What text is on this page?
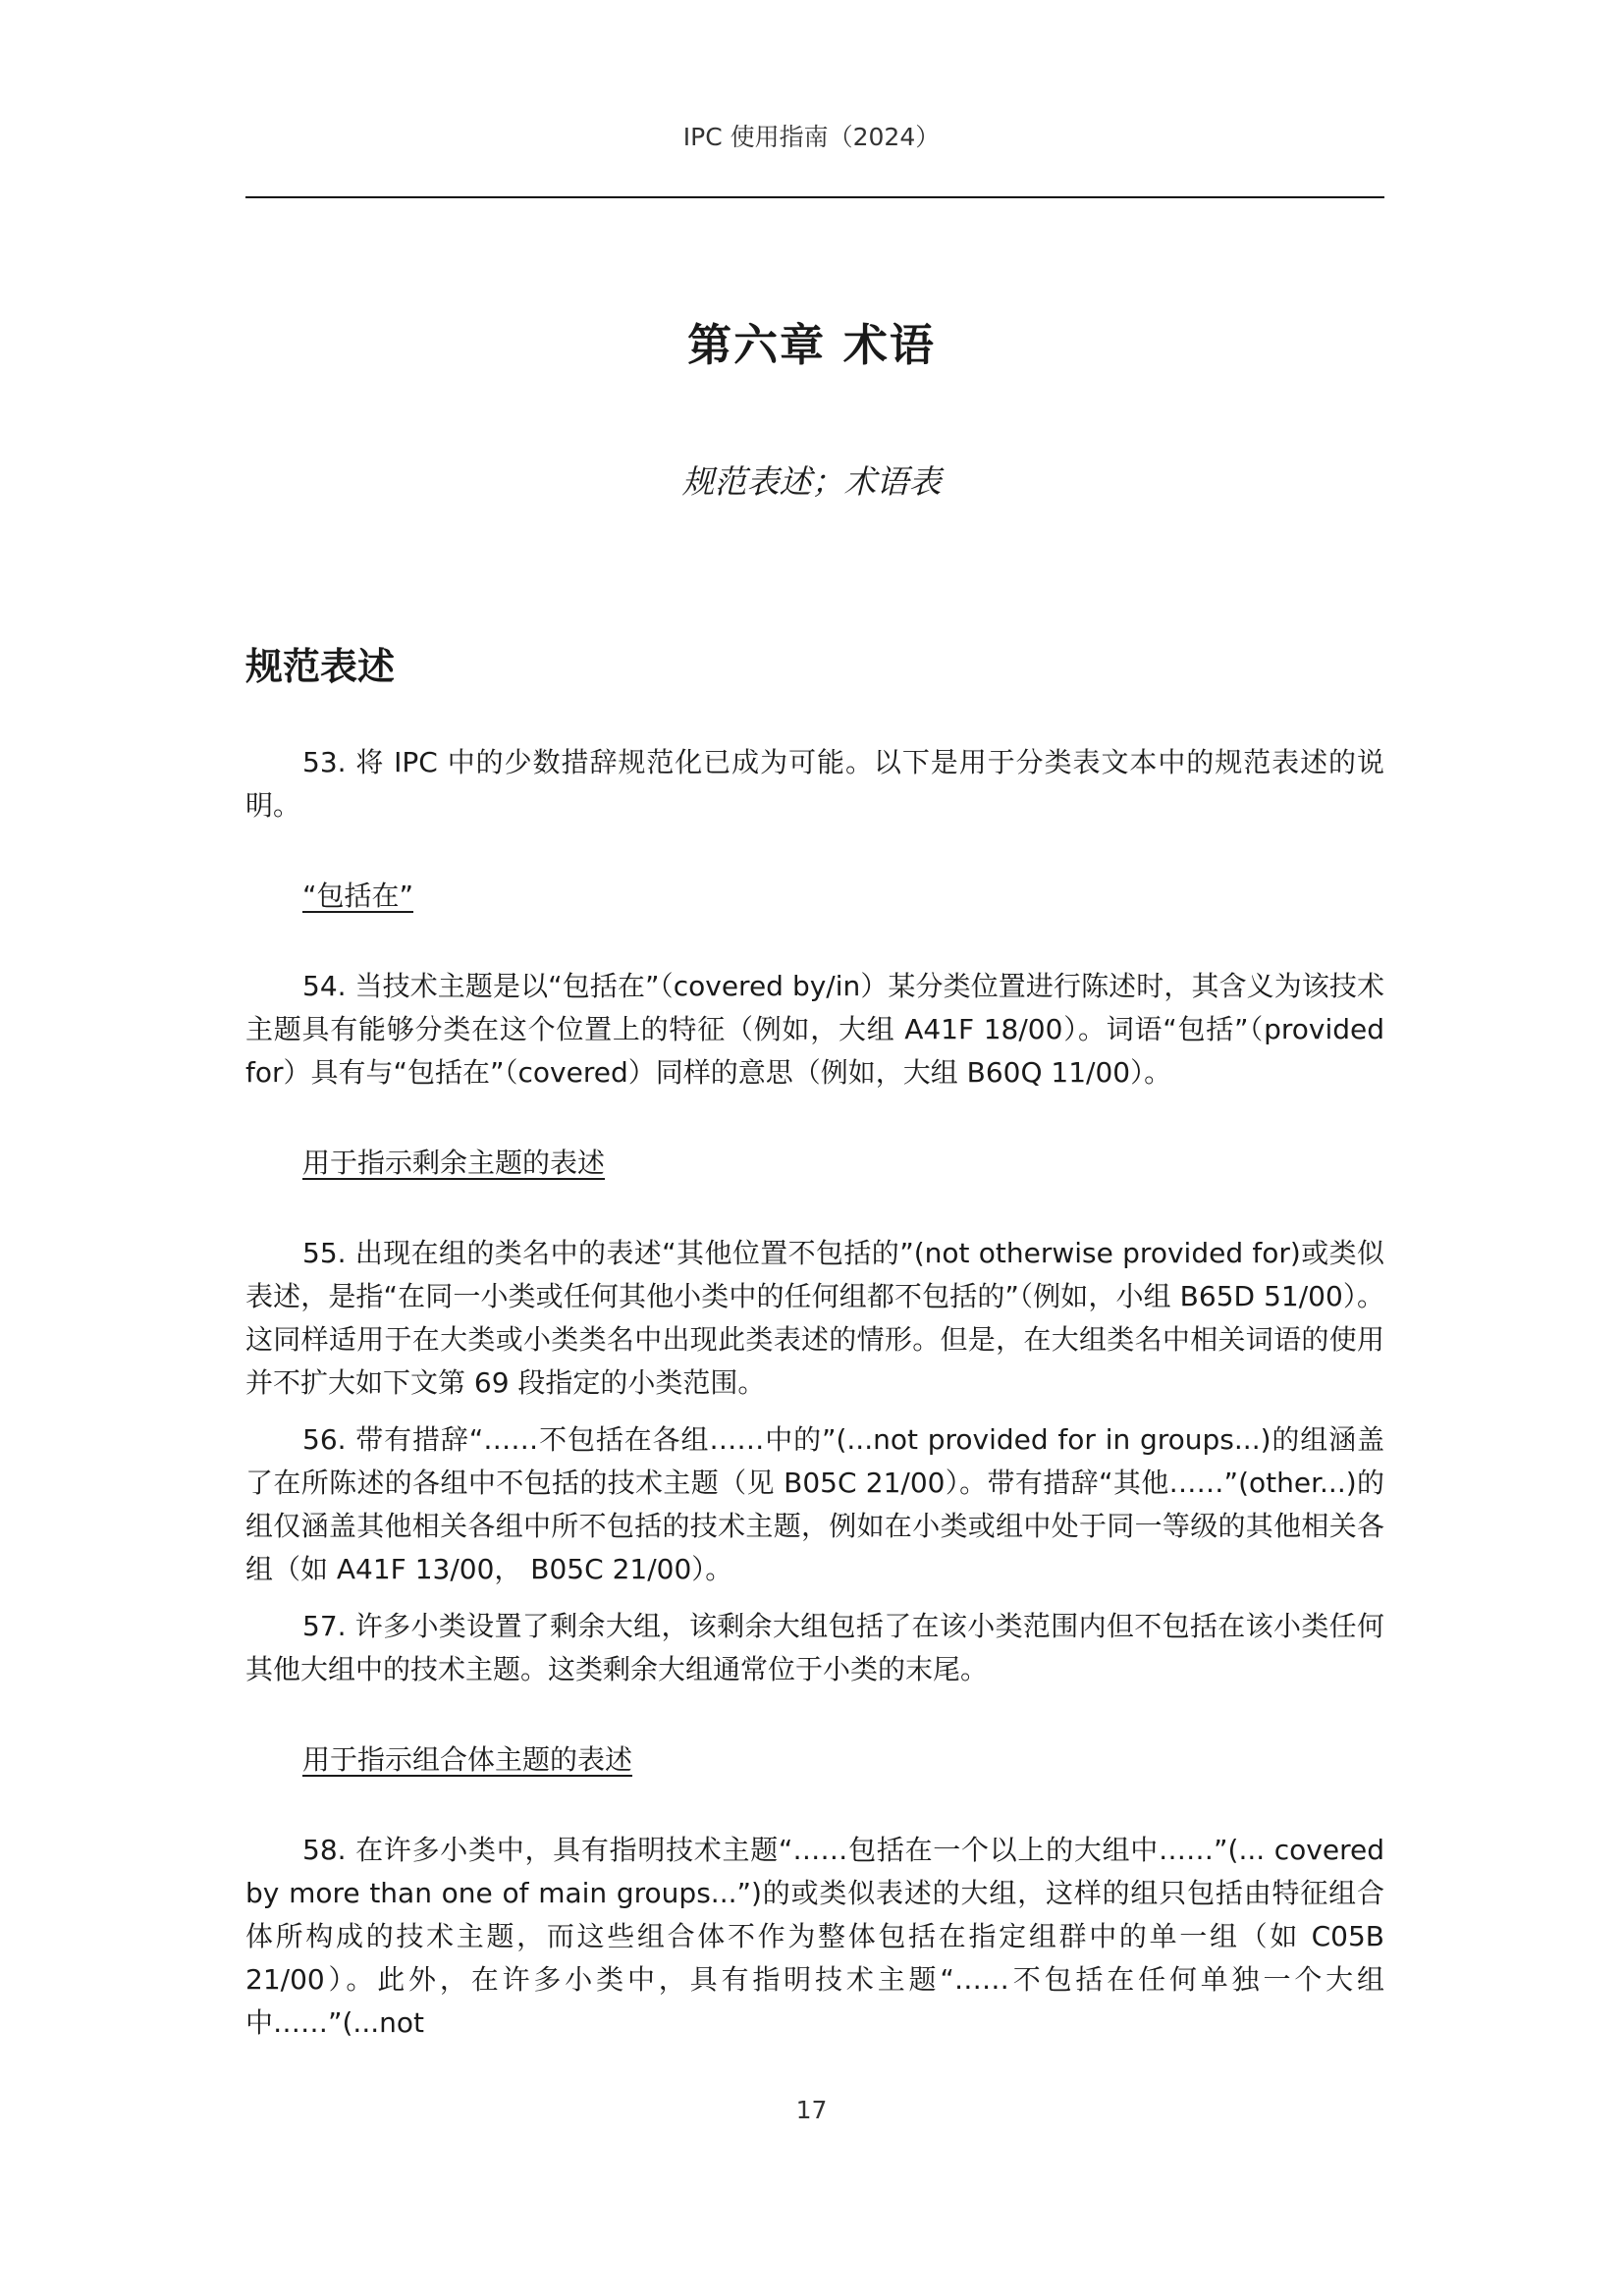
IPC 使用指南（2024）
第六章 术语
规范表述；术语表
规范表述

53. 将 IPC 中的少数措辞规范化已成为可能。以下是用于分类表文本中的规范表述的说明。

“包括在”

54. 当技术主题是以“包括在”（covered by/in）某分类位置进行陈述时，其含义为该技术主题具有能够分类在这个位置上的特征（例如，大组 A41F 18/00）。词语“包括”（provided for）具有与“包括在”（covered）同样的意思（例如，大组 B60Q 11/00）。

用于指示剩余主题的表述

55. 出现在组的类名中的表述“其他位置不包括的”(not otherwise provided for)或类似表述，是指“在同一小类或任何其他小类中的任何组都不包括的”（例如，小组 B65D 51/00）。这同样适用于在大类或小类类名中出现此类表述的情形。但是，在大组类名中相关词语的使用并不扩大如下文第 69 段指定的小类范围。

56. 带有措辞“……不包括在各组……中的”(...not provided for in groups...)的组涵盖了在所陈述的各组中不包括的技术主题（见 B05C 21/00）。带有措辞“其他……”(other...)的组仅涵盖其他相关各组中所不包括的技术主题，例如在小类或组中处于同一等级的其他相关各组（如 A41F 13/00， B05C 21/00）。

57. 许多小类设置了剩余大组，该剩余大组包括了在该小类范围内但不包括在该小类任何其他大组中的技术主题。这类剩余大组通常位于小类的末尾。

用于指示组合体主题的表述

58. 在许多小类中，具有指明技术主题“……包括在一个以上的大组中……”(... covered by more than one of main groups...”)的或类似表述的大组，这样的组只包括由特征组合体所构成的技术主题，而这些组合体不作为整体包括在指定组群中的单一组（如 C05B 21/00）。此外，在许多小类中，具有指明技术主题“……不包括在任何单独一个大组中……”(...not

17
